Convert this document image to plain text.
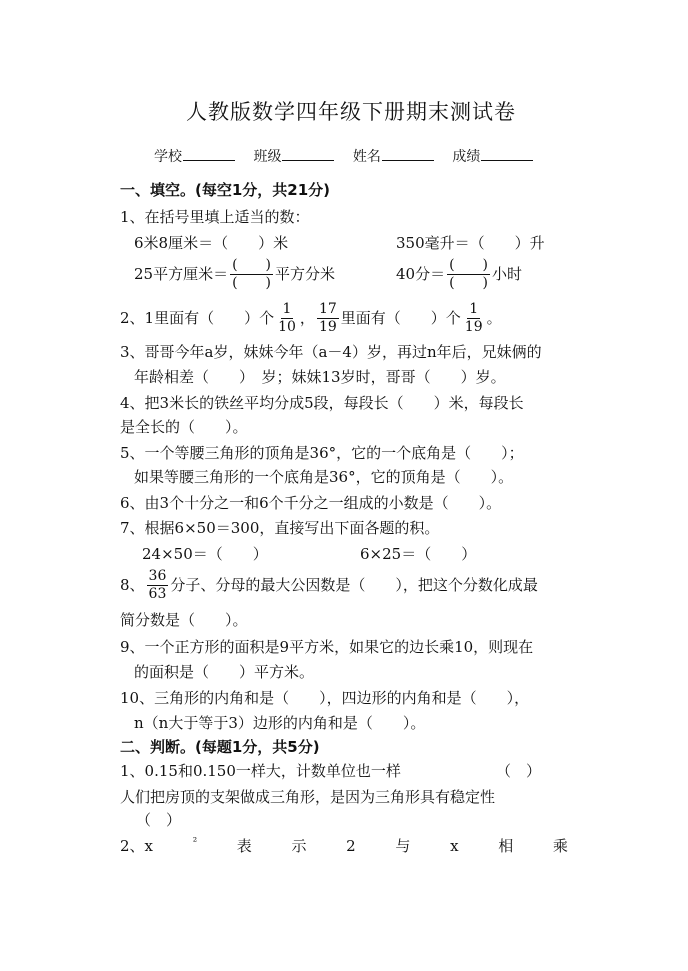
人教版数学四年级下册期末测试卷
学校	班级	姓名	成绩
一、填空。(每空1分，共21分)
1、在括号里填上适当的数：
6米8厘米＝（　　）米	350毫升＝（　　）升
25平方厘米＝ $\frac{( )}{( )}$ 平方分米	40分＝ $\frac{( )}{( )}$ 小时
2、1里面有（　　）个 $\frac{1}{10}$ ， $\frac{17}{19}$ 里面有（　　）个 $\frac{1}{19}$ 。
3、哥哥今年a岁，妹妹今年（a－4）岁，再过n年后，兄妹俩的
年龄相差（　　）　岁；妹妹13岁时，哥哥（　　）岁。
4、把3米长的铁丝平均分成5段，每段长（　　）米，每段长
是全长的（　　）。
5、一个等腰三角形的顶角是36°，它的一个底角是（　　）；
如果等腰三角形的一个底角是36°，它的顶角是（　　）。
6、由3个十分之一和6个千分之一组成的小数是（　　）。
7、根据6×50＝300，直接写出下面各题的积。
24×50＝（　　）	6×25＝（　　）
8、 $\frac{36}{63}$ 分子、分母的最大公因数是（　　），把这个分数化成最
简分数是（　　）。
9、一个正方形的面积是9平方米，如果它的边长乘10，则现在
的面积是（　　）平方米。
10、三角形的内角和是（　　），四边形的内角和是（　　），
n（n大于等于3）边形的内角和是（　　）。
二、判断。(每题1分，共5分)
1、0.15和0.150一样大，计数单位也一样	（　）
人们把房顶的支架做成三角形，是因为三角形具有稳定性
（　）
2、x	²	表	示	2	与	x	相	乘
